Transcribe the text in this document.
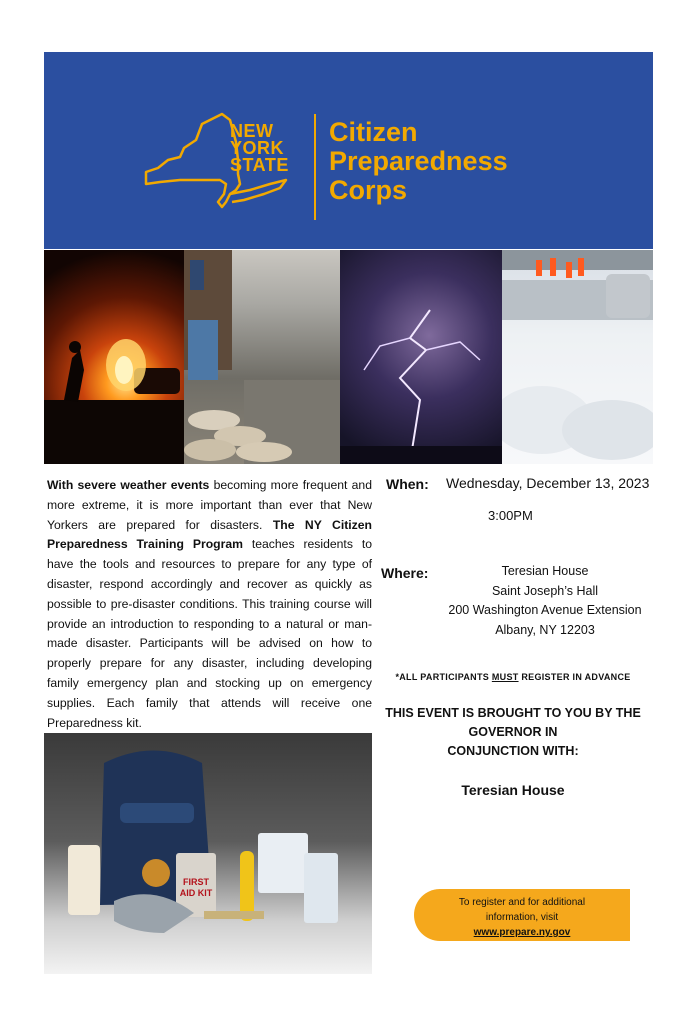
NEW
YORK
STATE
Citizen
Preparedness
Corps
With severe weather events becoming more frequent and more extreme, it is more important than ever that New Yorkers are prepared for disasters. The NY Citizen Preparedness Training Program teaches residents to have the tools and resources to prepare for any type of disaster, respond accordingly and recover as quickly as possible to pre-disaster conditions. This training course will provide an introduction to responding to a natural or man-made disaster. Participants will be advised on how to properly prepare for any disaster, including developing family emergency plan and stocking up on emergency supplies. Each family that attends will receive one Preparedness kit.
When: Wednesday, December 13, 2023
3:00PM
Where:	Teresian House
Saint Joseph’s Hall
200 Washington Avenue Extension
Albany, NY 12203
*ALL PARTICIPANTS MUST REGISTER IN ADVANCE
THIS EVENT IS BROUGHT TO YOU BY THE
GOVERNOR IN
CONJUNCTION WITH:
Teresian House
FIRST
AID KIT
To register and for additional
information, visit
www.prepare.ny.gov
